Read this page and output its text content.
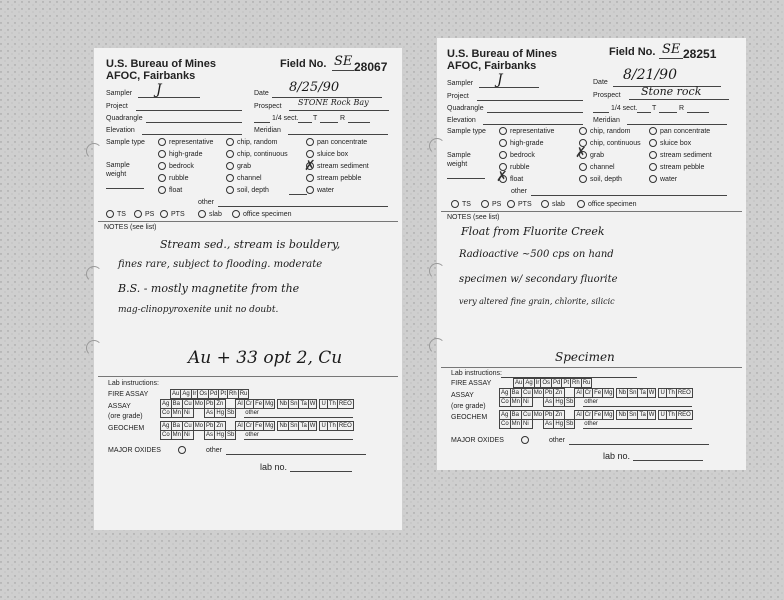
U.S. Bureau of Mines
AFOC, Fairbanks
Field No. SE 28067
Sampler J	Date 8/25/90
Project	Prospect STONE Rock Bay
Quadrangle	1/4 sect. T	R
Elevation	Meridian
Sample type
Sample weight
representative
high-grade
bedrock
rubble
float
chip, random
chip, continuous
grab
channel
soil, depth
pan concentrate
sluice box
stream sediment
✗
stream pebble
water
other
TS	PS	PTS	slab	office specimen
NOTES (see list)
Stream sed., stream is bouldery,
fines rare, subject to flooding. moderate
B.S. - mostly magnetite from the
mag-clinopyroxenite unit no doubt.
Au + 33 opt 2, Cu
Lab instructions:
FIRE ASSAY	Au	Ag	Ir	Os	Pd	Pt	Rh	Ru
ASSAY
(ore grade)
Ag	Ba	Cu	Mo	Pb	Zn		Al	Cr	Fe	Mg		Nb	Sn	Ta	W		U	Th	REO
Co	Mn	Ni		As	Hg	Sb		other											
GEOCHEM	Ag	Ba	Cu	Mo	Pb	Zn		Al	Cr	Fe	Mg		Nb	Sn	Ta	W		U	Th	REO
Co	Mn	Ni		As	Hg	Sb		other											
MAJOR OXIDES	other
lab no.
U.S. Bureau of Mines
AFOC, Fairbanks
Field No. SE 28251
Sampler J	Date 8/21/90
Project	Prospect Stone rock
Quadrangle	1/4 sect. T	R
Elevation	Meridian
Sample type
Sample weight
representative
high-grade
bedrock
rubble
float
✗
other
chip, random
chip, continuous
grab
✗
channel
soil, depth
pan concentrate
sluice box
stream sediment
stream pebble
water
TS	PS	PTS	slab	office specimen
NOTES (see list)
Float from Fluorite Creek
Radioactive ~500 cps on hand
specimen w/ secondary fluorite
very altered fine grain, chlorite, silicic
Specimen
Lab instructions:
FIRE ASSAY	Au	Ag	Ir	Os	Pd	Pt	Rh	Ru
ASSAY
(ore grade)
Ag	Ba	Cu	Mo	Pb	Zn		Al	Cr	Fe	Mg		Nb	Sn	Ta	W		U	Th	REO
Co	Mn	Ni		As	Hg	Sb		other											
GEOCHEM Ag	Ba	Cu	Mo	Pb	Zn		Al	Cr	Fe	Mg		Nb	Sn	Ta	W		U	Th	REO
Co	Mn	Ni		As	Hg	Sb		other											
MAJOR OXIDES	other
lab no.
